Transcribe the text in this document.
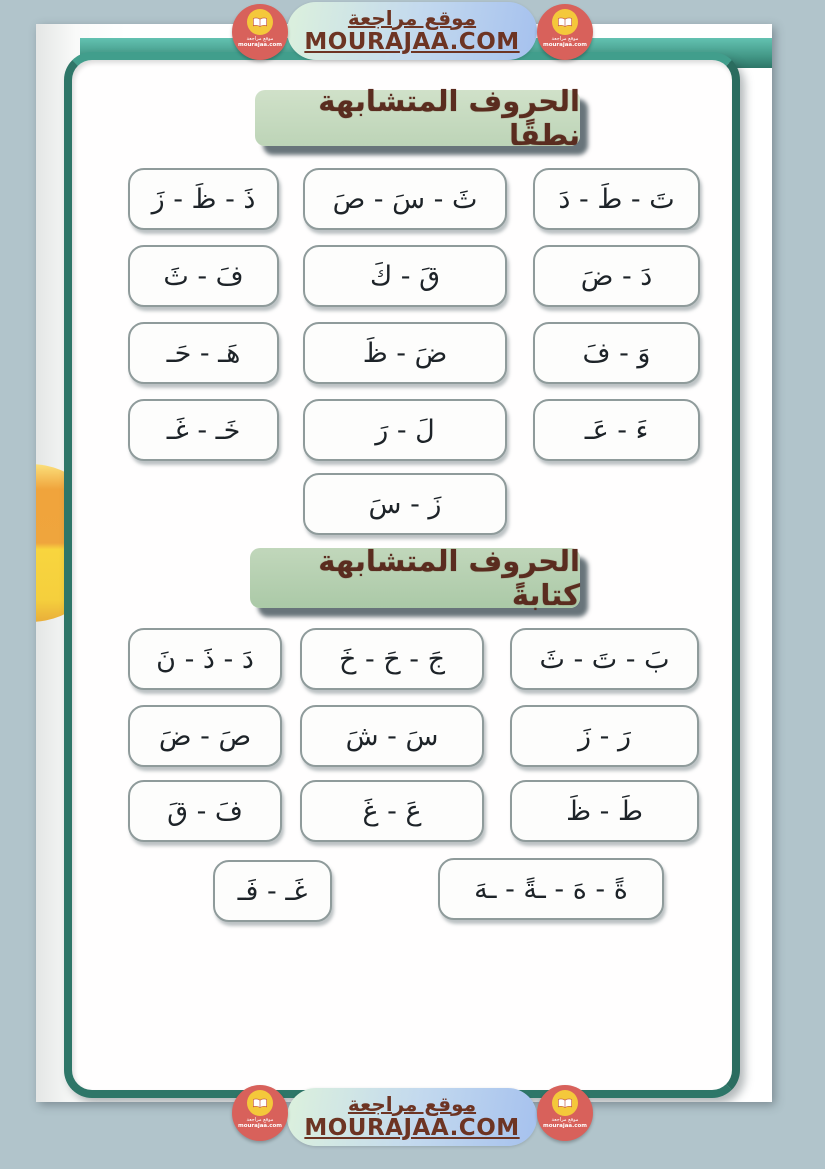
الحروف المتشابهة نطقًا
تَ - طَ - دَ
ثَ - سَ - صَ
ذَ - ظَ - زَ
دَ - ضَ
قَ - كَ
فَ - ثَ
وَ - فَ
ضَ - ظَ
هَـ - حَـ
ءَ - عَـ
لَ - رَ
خَـ - غَـ
زَ - سَ
الحروف المتشابهة كتابةً
بَ - تَ - ثَ
جَ - حَ - خَ
دَ - ذَ - نَ
رَ - زَ
سَ - شَ
صَ - ضَ
طَ - ظَ
عَ - غَ
فَ - قَ
ةً - هَ - ـةً - ـهَ
غَـ - فَـ
موقع مراجعة
MOURAJAA.COM
موقع مراجعة
mourajaa.com
موقع مراجعة
mourajaa.com
موقع مراجعة
MOURAJAA.COM
موقع مراجعة
mourajaa.com
موقع مراجعة
mourajaa.com
